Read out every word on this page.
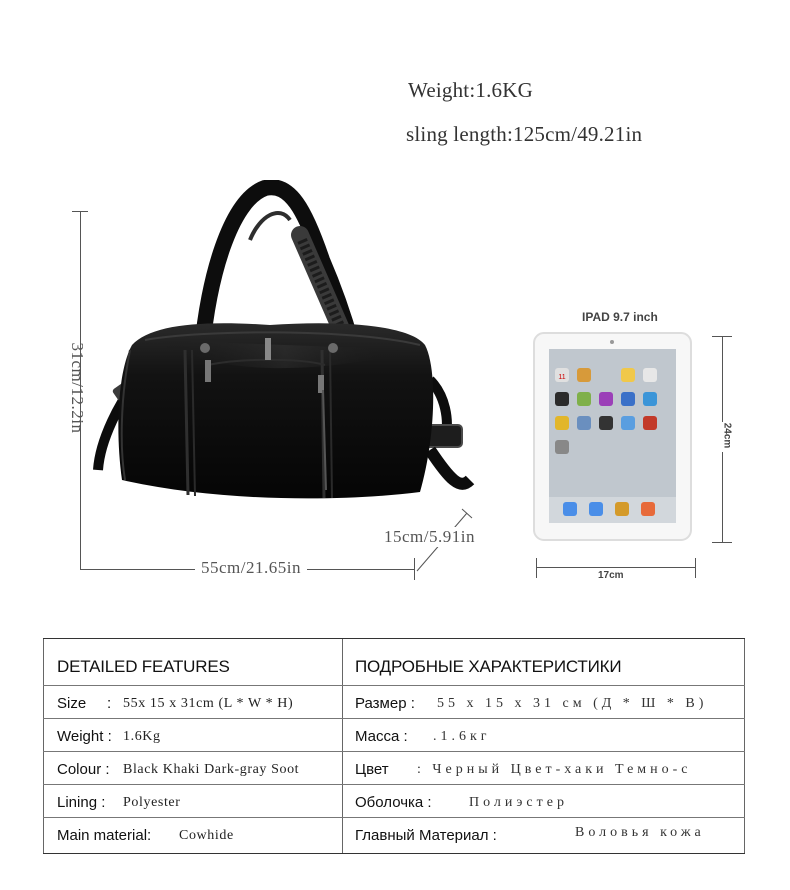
Weight:1.6KG
sling length:125cm/49.21in
31cm/12.2in
55cm/21.65in
15cm/5.91in
IPAD 9.7 inch
11
24cm
17cm
DETAILED FEATURES	ПОДРОБНЫЕ ХАРАКТЕРИСТИКИ
Size : 55x 15 x 31cm (L * W * H)	Размер : 55 x 15 x 31 см (Д * Ш * В)
Weight : 1.6Kg	Масса : .1.6кг
Colour : Black Khaki Dark-gray Soot	Цвет : Черный Цвет-хаки Темно-с
Lining : Polyester	Оболочка :	Полиэстер
Main material: Cowhide	Главный Материал :	Воловья кожа
